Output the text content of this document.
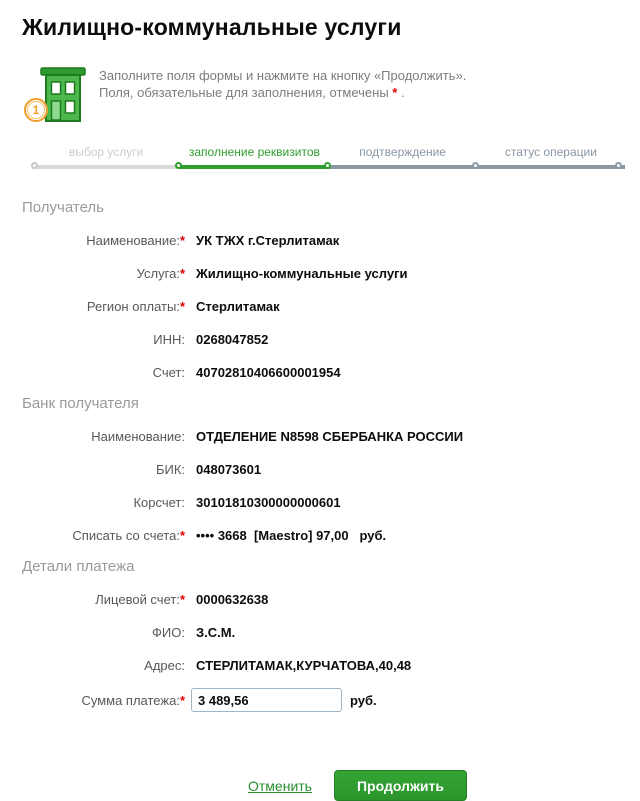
Жилищно-коммунальные услуги
1
Заполните поля формы и нажмите на кнопку «Продолжить».
Поля, обязательные для заполнения, отмечены * .
выбор услуги	заполнение реквизитов	подтверждение	статус операции
Получатель
Наименование:* УК ТЖХ г.Стерлитамак
Услуга:* Жилищно-коммунальные услуги
Регион оплаты:* Стерлитамак
ИНН: 0268047852
Счет: 40702810406600001954
Банк получателя
Наименование: ОТДЕЛЕНИЕ N8598 СБЕРБАНКА РОССИИ
БИК: 048073601
Корсчет: 30101810300000000601
Списать со счета:* •••• 3668  [Maestro] 97,00   руб.
Детали платежа
Лицевой счет:* 0000632638
ФИО: З.С.М.
Адрес: СТЕРЛИТАМАК,КУРЧАТОВА,40,48
Сумма платежа:*
3 489,56	руб.
Отменить	Продолжить
